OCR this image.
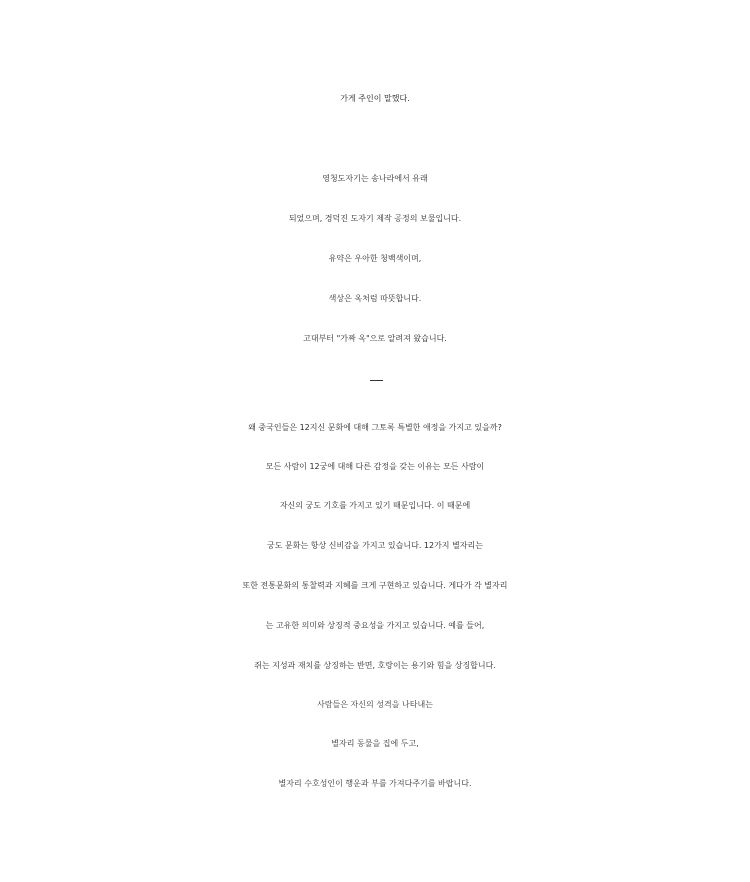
가게 주인이 말했다.
영청도자기는 송나라에서 유래
되었으며, 경덕진 도자기 제작 공정의 보물입니다.
유약은 우아한 청백색이며,
색상은 옥처럼 따뜻합니다.
고대부터 "가짜 옥"으로 알려져 왔습니다.
왜 중국인들은 12지신 문화에 대해 그토록 특별한 애정을 가지고 있을까?
모든 사람이 12궁에 대해 다른 감정을 갖는 이유는 모든 사람이
자신의 궁도 기호를 가지고 있기 때문입니다. 이 때문에
궁도 문화는 항상 신비감을 가지고 있습니다. 12가지 별자리는
또한 전통문화의 통찰력과 지혜를 크게 구현하고 있습니다. 게다가 각 별자리
는 고유한 의미와 상징적 중요성을 가지고 있습니다. 예를 들어,
쥐는 지성과 재치를 상징하는 반면, 호랑이는 용기와 힘을 상징합니다.
사람들은 자신의 성격을 나타내는
별자리 동물을 집에 두고,
별자리 수호성인이 행운과 부를 가져다주기를 바랍니다.
